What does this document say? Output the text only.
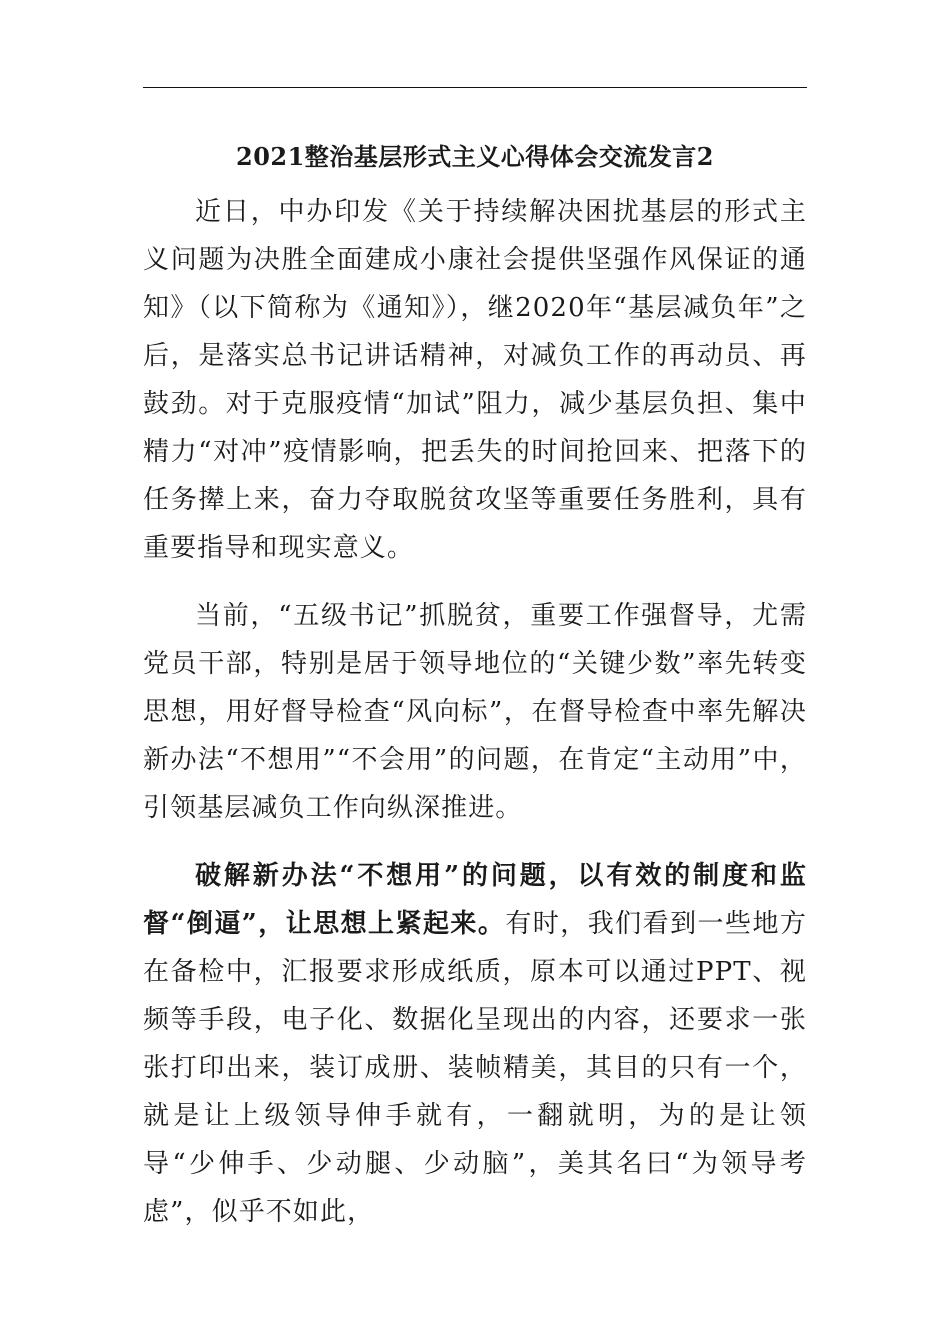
2021整治基层形式主义心得体会交流发言2

近日，中办印发《关于持续解决困扰基层的形式主义问题为决胜全面建成小康社会提供坚强作风保证的通知》（以下简称为《通知》），继2020年“基层减负年”之后，是落实总书记讲话精神，对减负工作的再动员、再鼓劲。对于克服疫情“加试”阻力，减少基层负担、集中精力“对冲”疫情影响，把丢失的时间抢回来、把落下的任务撵上来，奋力夺取脱贫攻坚等重要任务胜利，具有重要指导和现实意义。

当前，“五级书记”抓脱贫，重要工作强督导，尤需党员干部，特别是居于领导地位的“关键少数”率先转变思想，用好督导检查“风向标”，在督导检查中率先解决新办法“不想用”“不会用”的问题，在肯定“主动用”中，引领基层减负工作向纵深推进。

破解新办法“不想用”的问题，以有效的制度和监督“倒逼”，让思想上紧起来。有时，我们看到一些地方在备检中，汇报要求形成纸质，原本可以通过PPT、视频等手段，电子化、数据化呈现出的内容，还要求一张张打印出来，装订成册、装帧精美，其目的只有一个，就是让上级领导伸手就有，一翻就明，为的是让领导“少伸手、少动腿、少动脑”，美其名曰“为领导考虑”，似乎不如此，
